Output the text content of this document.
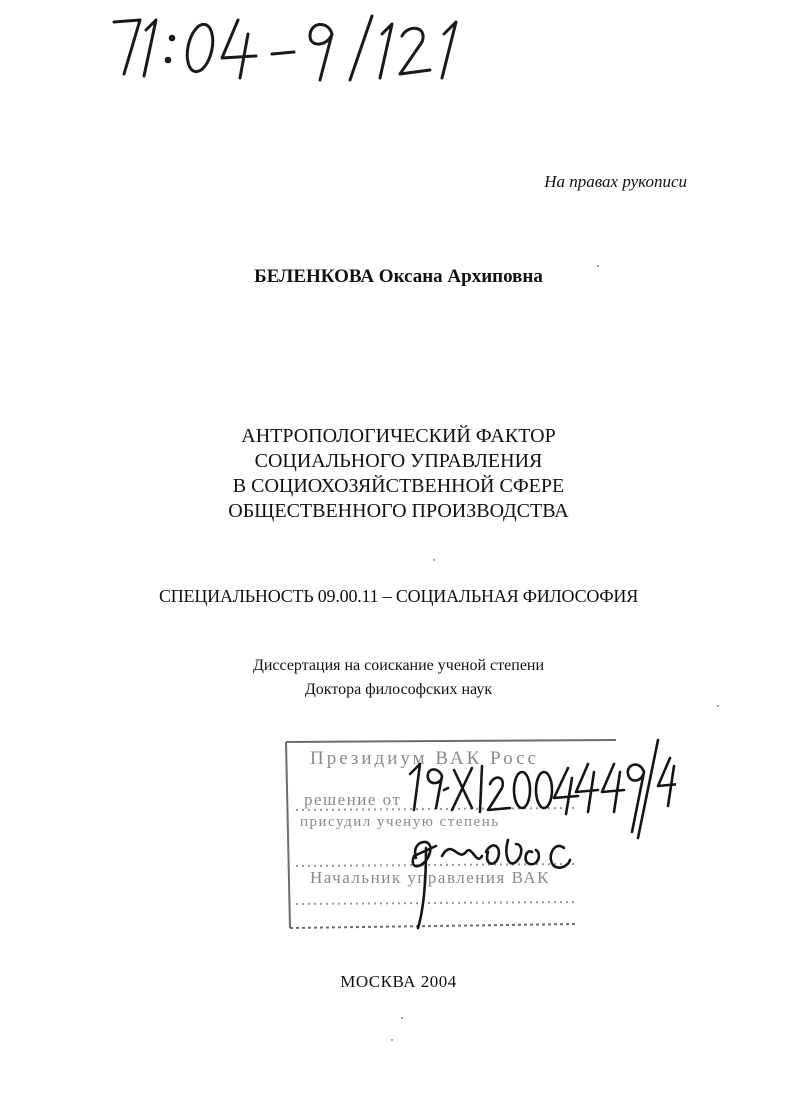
На правах рукописи
БЕЛЕНКОВА Оксана Архиповна
АНТРОПОЛОГИЧЕСКИЙ ФАКТОР
СОЦИАЛЬНОГО УПРАВЛЕНИЯ
В СОЦИОХОЗЯЙСТВЕННОЙ СФЕРЕ
ОБЩЕСТВЕННОГО ПРОИЗВОДСТВА
СПЕЦИАЛЬНОСТЬ 09.00.11 – СОЦИАЛЬНАЯ ФИЛОСОФИЯ
Диссертация на соискание ученой степени
Доктора философских наук
Президиум ВАК Росс
решение от
присудил ученую степень
Начальник управления ВАК
19 XI 2004
МОСКВА 2004
